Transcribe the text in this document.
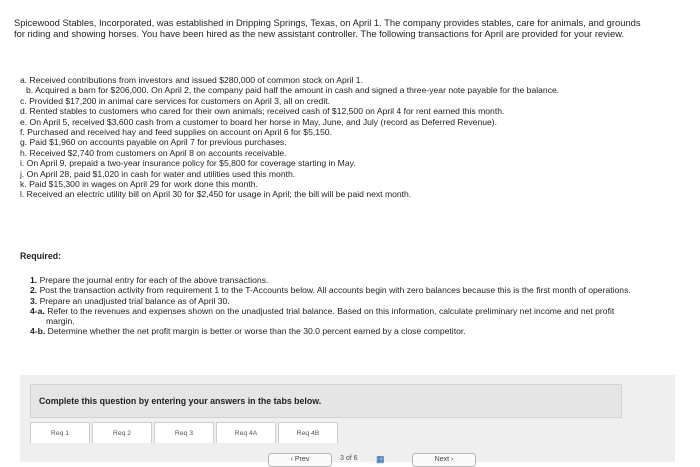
Spicewood Stables, Incorporated, was established in Dripping Springs, Texas, on April 1. The company provides stables, care for animals, and grounds for riding and showing horses. You have been hired as the new assistant controller. The following transactions for April are provided for your review.
a. Received contributions from investors and issued $280,000 of common stock on April 1.
b. Acquired a barn for $206,000. On April 2, the company paid half the amount in cash and signed a three-year note payable for the balance.
c. Provided $17,200 in animal care services for customers on April 3, all on credit.
d. Rented stables to customers who cared for their own animals; received cash of $12,500 on April 4 for rent earned this month.
e. On April 5, received $3,600 cash from a customer to board her horse in May, June, and July (record as Deferred Revenue).
f. Purchased and received hay and feed supplies on account on April 6 for $5,150.
g. Paid $1,960 on accounts payable on April 7 for previous purchases.
h. Received $2,740 from customers on April 8 on accounts receivable.
i. On April 9, prepaid a two-year insurance policy for $5,800 for coverage starting in May.
j. On April 28, paid $1,020 in cash for water and utilities used this month.
k. Paid $15,300 in wages on April 29 for work done this month.
l. Received an electric utility bill on April 30 for $2,450 for usage in April; the bill will be paid next month.
Required:
1. Prepare the journal entry for each of the above transactions.
2. Post the transaction activity from requirement 1 to the T-Accounts below. All accounts begin with zero balances because this is the first month of operations.
3. Prepare an unadjusted trial balance as of April 30.
4-a. Refer to the revenues and expenses shown on the unadjusted trial balance. Based on this information, calculate preliminary net income and net profit margin.
4-b. Determine whether the net profit margin is better or worse than the 30.0 percent earned by a close competitor.
Complete this question by entering your answers in the tabs below.
Req 1	Req 2	Req 3	Req 4A	Req 4B
‹ Prev	3 of 6 ▦	Next ›
